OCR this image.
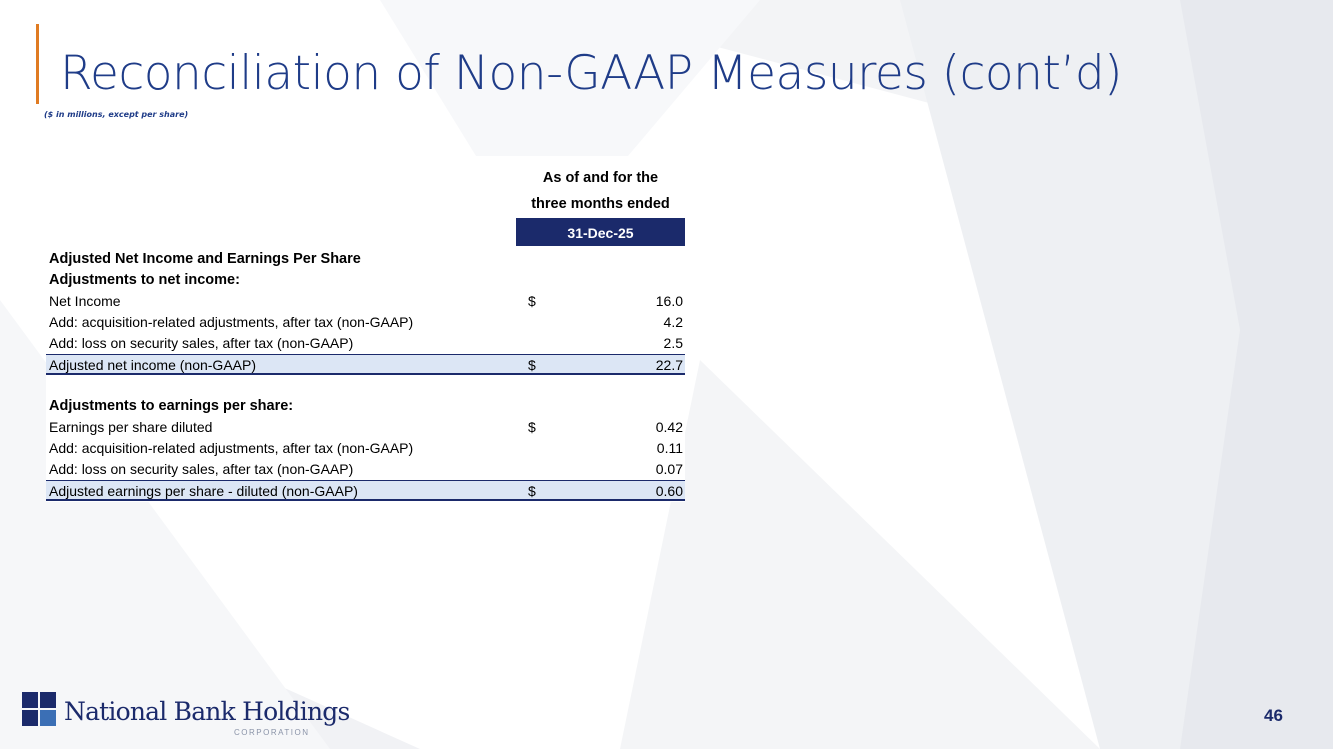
Reconciliation of Non-GAAP Measures (cont’d)
($ in millions, except per share)
As of and for the
three months ended
31-Dec-25
Adjusted Net Income and Earnings Per Share
Adjustments to net income:
Net Income	$	16.0
Add: acquisition-related adjustments, after tax (non-GAAP)	4.2
Add: loss on security sales, after tax (non-GAAP)	2.5
Adjusted net income (non-GAAP)	$	22.7
Adjustments to earnings per share:
Earnings per share diluted	$	0.42
Add: acquisition-related adjustments, after tax (non-GAAP)	0.11
Add: loss on security sales, after tax (non-GAAP)	0.07
Adjusted earnings per share - diluted (non-GAAP)	$	0.60
National Bank Holdings
CORPORATION
46
